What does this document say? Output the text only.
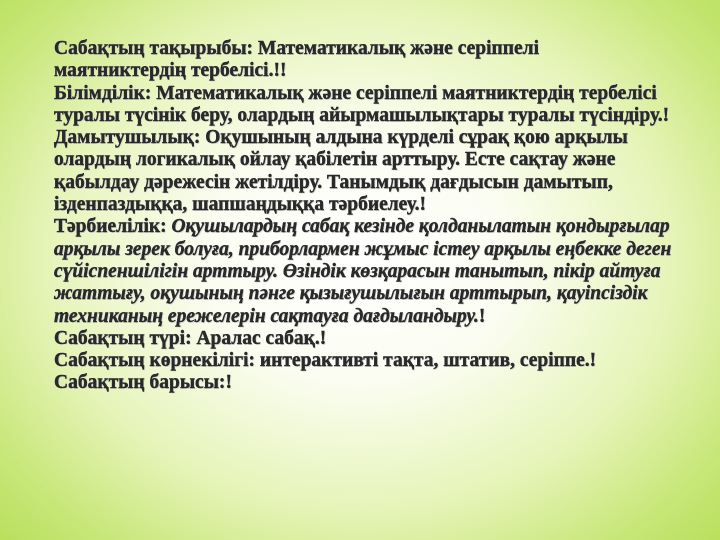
Сабақтың тақырыбы: Математикалық және серіппелі
маятниктердің тербелісі.!!
Білімділік: Математикалық және серіппелі маятниктердің тербелісі
туралы түсінік беру, олардың айырмашылықтары туралы түсіндіру.!
Дамытушылық: Оқушының алдына күрделі сұрақ қою арқылы
олардың логикалық ойлау қабілетін арттыру. Есте сақтау және
қабылдау дәрежесін жетілдіру. Танымдық дағдысын дамытып,
ізденпаздыққа, шапшаңдыққа тәрбиелеу.!
Тәрбиелілік: Оқушылардың сабақ кезінде қолданылатын қондырғылар
арқылы зерек болуға, приборлармен жұмыс істеу арқылы еңбекке деген
сүйіспеншілігін арттыру. Өзіндік көзқарасын танытып, пікір айтуға
жаттығу, оқушының пәнге қызығушылығын арттырып, қауіпсіздік
техниканың ережелерін сақтауға дағдыландыру.!
Сабақтың түрі: Аралас сабақ.!
Сабақтың көрнекілігі: интерактивті тақта, штатив, серіппе.!
Сабақтың барысы:!
